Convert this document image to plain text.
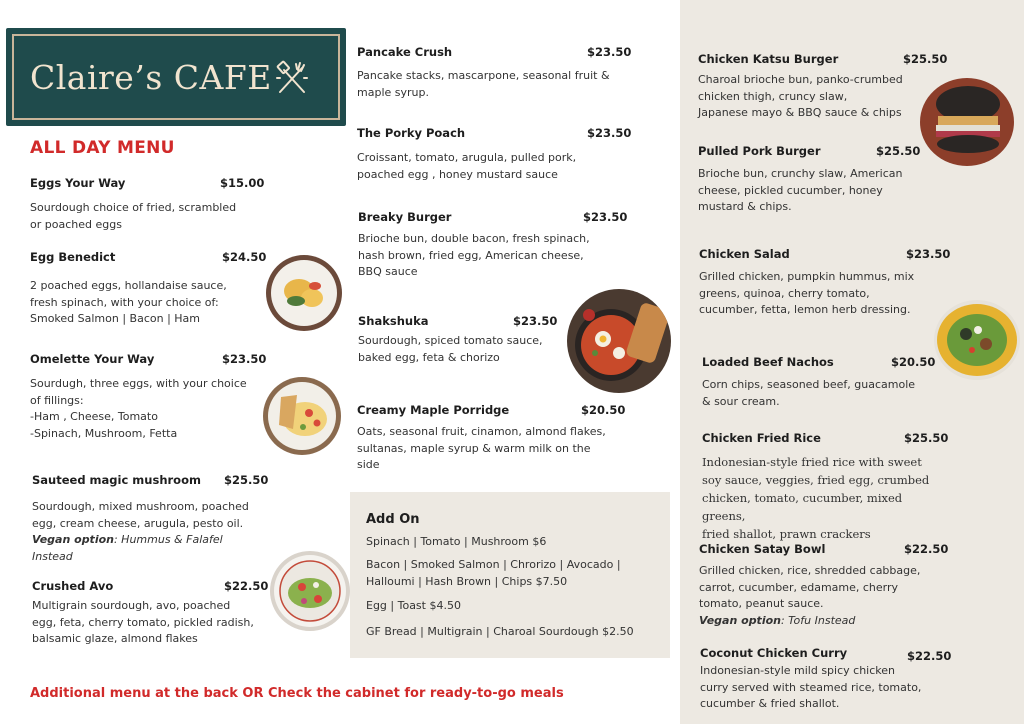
Claire’s CAFE
ALL DAY MENU
Eggs Your Way	$15.00
Sourdough choice of fried, scrambled
or poached eggs
Egg Benedict	$24.50
2 poached eggs, hollandaise sauce,
fresh spinach, with your choice of:
Smoked Salmon | Bacon | Ham
Omelette Your Way	$23.50
Sourdugh, three eggs, with your choice
of fillings:
-Ham , Cheese, Tomato
-Spinach, Mushroom, Fetta
Sauteed magic mushroom $25.50
Sourdough, mixed mushroom, poached
egg, cream cheese, arugula, pesto oil.
Vegan option: Hummus & Falafel Instead
Crushed Avo	$22.50
Multigrain sourdough, avo, poached
egg, feta, cherry tomato, pickled radish,
balsamic glaze, almond flakes
Pancake Crush	$23.50
Pancake stacks, mascarpone, seasonal fruit &
maple syrup.
The Porky Poach	$23.50
Croissant, tomato, arugula, pulled pork,
poached egg , honey mustard sauce
Breaky Burger	$23.50
Brioche bun, double bacon, fresh spinach,
hash brown, fried egg, American cheese,
BBQ sauce
Shakshuka	$23.50
Sourdough, spiced tomato sauce,
baked egg, feta & chorizo
Creamy Maple Porridge	$20.50
Oats, seasonal fruit, cinamon, almond flakes,
sultanas, maple syrup & warm milk on the
side
Add On
Spinach | Tomato | Mushroom $6
Bacon | Smoked Salmon | Chrorizo | Avocado | Halloumi | Hash Brown | Chips $7.50
Egg | Toast $4.50
GF Bread | Multigrain | Charoal Sourdough $2.50
Chicken Katsu Burger	$25.50
Charoal brioche bun, panko-crumbed
chicken thigh, cruncy slaw,
Japanese mayo & BBQ sauce & chips
Pulled Pork Burger	$25.50
Brioche bun, crunchy slaw, American
cheese, pickled cucumber, honey
mustard & chips.
Chicken Salad	$23.50
Grilled chicken, pumpkin hummus, mix
greens, quinoa, cherry tomato,
cucumber, fetta, lemon herb dressing.
Loaded Beef Nachos	$20.50
Corn chips, seasoned beef, guacamole
& sour cream.
Chicken Fried Rice	$25.50
Indonesian-style fried rice with sweet
soy sauce, veggies, fried egg, crumbed
chicken, tomato, cucumber, mixed greens,
fried shallot, prawn crackers
Chicken Satay Bowl	$22.50
Grilled chicken, rice, shredded cabbage,
carrot, cucumber, edamame, cherry
tomato, peanut sauce.
Vegan option: Tofu Instead
Coconut Chicken Curry	$22.50
Indonesian-style mild spicy chicken
curry served with steamed rice, tomato,
cucumber & fried shallot.
Additional menu at the back OR Check the cabinet for ready-to-go meals
